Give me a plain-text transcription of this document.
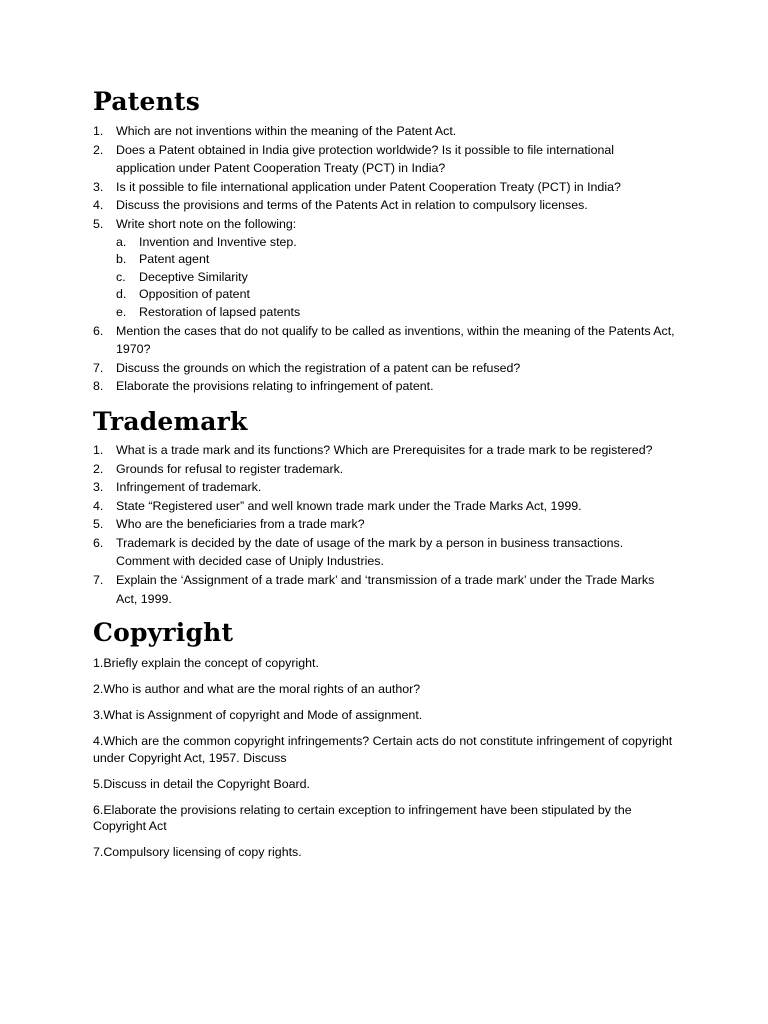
Patents
1. Which are not inventions within the meaning of the Patent Act.
2. Does a Patent obtained in India give protection worldwide? Is it possible to file international application under Patent Cooperation Treaty (PCT) in India?
3. Is it possible to file international application under Patent Cooperation Treaty (PCT) in India?
4. Discuss the provisions and terms of the Patents Act in relation to compulsory licenses.
5. Write short note on the following:
a. Invention and Inventive step.
b. Patent agent
c. Deceptive Similarity
d. Opposition of patent
e. Restoration of lapsed patents
6. Mention the cases that do not qualify to be called as inventions, within the meaning of the Patents Act, 1970?
7. Discuss the grounds on which the registration of a patent can be refused?
8. Elaborate the provisions relating to infringement of patent.
Trademark
1. What is a trade mark and its functions? Which are Prerequisites for a trade mark to be registered?
2. Grounds for refusal to register trademark.
3. Infringement of trademark.
4. State “Registered user” and well known trade mark under the Trade Marks Act, 1999.
5. Who are the beneficiaries from a trade mark?
6. Trademark is decided by the date of usage of the mark by a person in business transactions. Comment with decided case of Uniply Industries.
7. Explain the ‘Assignment of a trade mark’ and ‘transmission of a trade mark’ under the Trade Marks Act, 1999.
Copyright

1.Briefly explain the concept of copyright.

2.Who is author and what are the moral rights of an author?

3.What is Assignment of copyright and Mode of assignment.

4.Which are the common copyright infringements? Certain acts do not constitute infringement of copyright under Copyright Act, 1957. Discuss

5.Discuss in detail the Copyright Board.

6.Elaborate the provisions relating to certain exception to infringement have been stipulated by the Copyright Act

7.Compulsory licensing of copy rights.
